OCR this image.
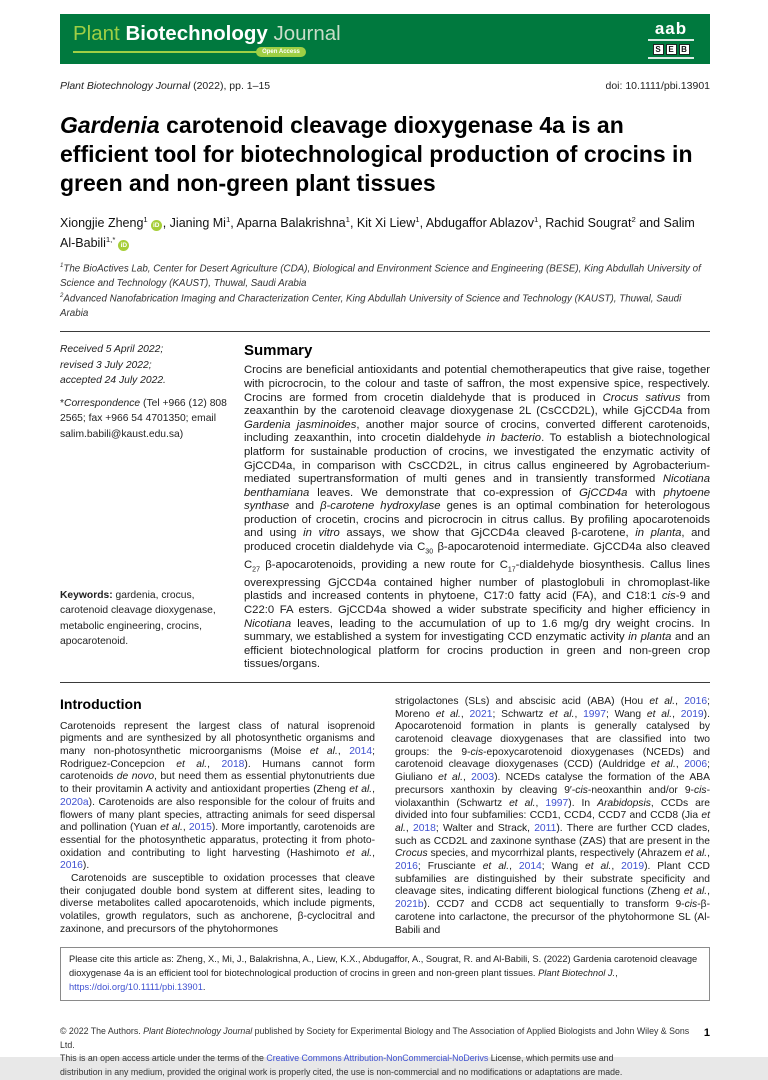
Plant Biotechnology Journal
Open Access
aab
S E B
Plant Biotechnology Journal (2022), pp. 1–15	doi: 10.1111/pbi.13901
Gardenia carotenoid cleavage dioxygenase 4a is an efficient tool for biotechnological production of crocins in green and non-green plant tissues
Xiongjie Zheng$^1$iD , Jianing Mi$^1$, Aparna Balakrishna$^1$, Kit Xi Liew$^1$, Abdugaffor Ablazov$^1$, Rachid Sougrat$^2$ and Salim Al-Babili$^{1,*}$iD
$^1$The BioActives Lab, Center for Desert Agriculture (CDA), Biological and Environment Science and Engineering (BESE), King Abdullah University of Science and Technology (KAUST), Thuwal, Saudi Arabia
$^2$Advanced Nanofabrication Imaging and Characterization Center, King Abdullah University of Science and Technology (KAUST), Thuwal, Saudi Arabia
Received 5 April 2022;
revised 3 July 2022;
accepted 24 July 2022.
*Correspondence (Tel +966 (12) 808 2565; fax +966 54 4701350; email salim.babili@kaust.edu.sa)
Keywords: gardenia, crocus, carotenoid cleavage dioxygenase, metabolic engineering, crocins, apocarotenoid.
Summary
Crocins are beneficial antioxidants and potential chemotherapeutics that give raise, together with picrocrocin, to the colour and taste of saffron, the most expensive spice, respectively. Crocins are formed from crocetin dialdehyde that is produced in Crocus sativus from zeaxanthin by the carotenoid cleavage dioxygenase 2L (CsCCD2L), while GjCCD4a from Gardenia jasminoides, another major source of crocins, converted different carotenoids, including zeaxanthin, into crocetin dialdehyde in bacterio. To establish a biotechnological platform for sustainable production of crocins, we investigated the enzymatic activity of GjCCD4a, in comparison with CsCCD2L, in citrus callus engineered by Agrobacterium-mediated supertransformation of multi genes and in transiently transformed Nicotiana benthamiana leaves. We demonstrate that co-expression of GjCCD4a with phytoene synthase and β-carotene hydroxylase genes is an optimal combination for heterologous production of crocetin, crocins and picrocrocin in citrus callus. By profiling apocarotenoids and using in vitro assays, we show that GjCCD4a cleaved β-carotene, in planta, and produced crocetin dialdehyde via $C_{30}$ β-apocarotenoid intermediate. GjCCD4a also cleaved $C_{27}$ β-apocarotenoids, providing a new route for $C_{17}$-dialdehyde biosynthesis. Callus lines overexpressing GjCCD4a contained higher number of plastoglobuli in chromoplast-like plastids and increased contents in phytoene, C17:0 fatty acid (FA), and C18:1 cis-9 and C22:0 FA esters. GjCCD4a showed a wider substrate specificity and higher efficiency in Nicotiana leaves, leading to the accumulation of up to 1.6 mg/g dry weight crocins. In summary, we established a system for investigating CCD enzymatic activity in planta and an efficient biotechnological platform for crocins production in green and non-green crop tissues/organs.
Introduction

Carotenoids represent the largest class of natural isoprenoid pigments and are synthesized by all photosynthetic organisms and many non-photosynthetic microorganisms (Moise et al., 2014; Rodriguez-Concepcion et al., 2018). Humans cannot form carotenoids de novo, but need them as essential phytonutrients due to their provitamin A activity and antioxidant properties (Zheng et al., 2020a). Carotenoids are also responsible for the colour of fruits and flowers of many plant species, attracting animals for seed dispersal and pollination (Yuan et al., 2015). More importantly, carotenoids are essential for the photosynthetic apparatus, protecting it from photo-oxidation and contributing to light harvesting (Hashimoto et al., 2016).

Carotenoids are susceptible to oxidation processes that cleave their conjugated double bond system at different sites, leading to diverse metabolites called apocarotenoids, which include pigments, volatiles, growth regulators, such as anchorene, β-cyclocitral and zaxinone, and precursors of the phytohormones

strigolactones (SLs) and abscisic acid (ABA) (Hou et al., 2016; Moreno et al., 2021; Schwartz et al., 1997; Wang et al., 2019). Apocarotenoid formation in plants is generally catalysed by carotenoid cleavage dioxygenases that are classified into two groups: the 9-cis-epoxycarotenoid dioxygenases (NCEDs) and carotenoid cleavage dioxygenases (CCD) (Auldridge et al., 2006; Giuliano et al., 2003). NCEDs catalyse the formation of the ABA precursors xanthoxin by cleaving 9′-cis-neoxanthin and/or 9-cis-violaxanthin (Schwartz et al., 1997). In Arabidopsis, CCDs are divided into four subfamilies: CCD1, CCD4, CCD7 and CCD8 (Jia et al., 2018; Walter and Strack, 2011). There are further CCD clades, such as CCD2L and zaxinone synthase (ZAS) that are present in the Crocus species, and mycorrhizal plants, respectively (Ahrazem et al., 2016; Frusciante et al., 2014; Wang et al., 2019). Plant CCD subfamilies are distinguished by their substrate specificity and cleavage sites, indicating different biological functions (Zheng et al., 2021b). CCD7 and CCD8 act sequentially to transform 9-cis-β-carotene into carlactone, the precursor of the phytohormone SL (Al-Babili and

Please cite this article as: Zheng, X., Mi, J., Balakrishna, A., Liew, K.X., Abdugaffor, A., Sougrat, R. and Al-Babili, S. (2022) Gardenia carotenoid cleavage dioxygenase 4a is an efficient tool for biotechnological production of crocins in green and non-green plant tissues. Plant Biotechnol J., https://doi.org/10.1111/pbi.13901.
© 2022 The Authors. Plant Biotechnology Journal published by Society for Experimental Biology and The Association of Applied Biologists and John Wiley & Sons Ltd.
This is an open access article under the terms of the Creative Commons Attribution-NonCommercial-NoDerivs License, which permits use and
distribution in any medium, provided the original work is properly cited, the use is non-commercial and no modifications or adaptations are made.
1
